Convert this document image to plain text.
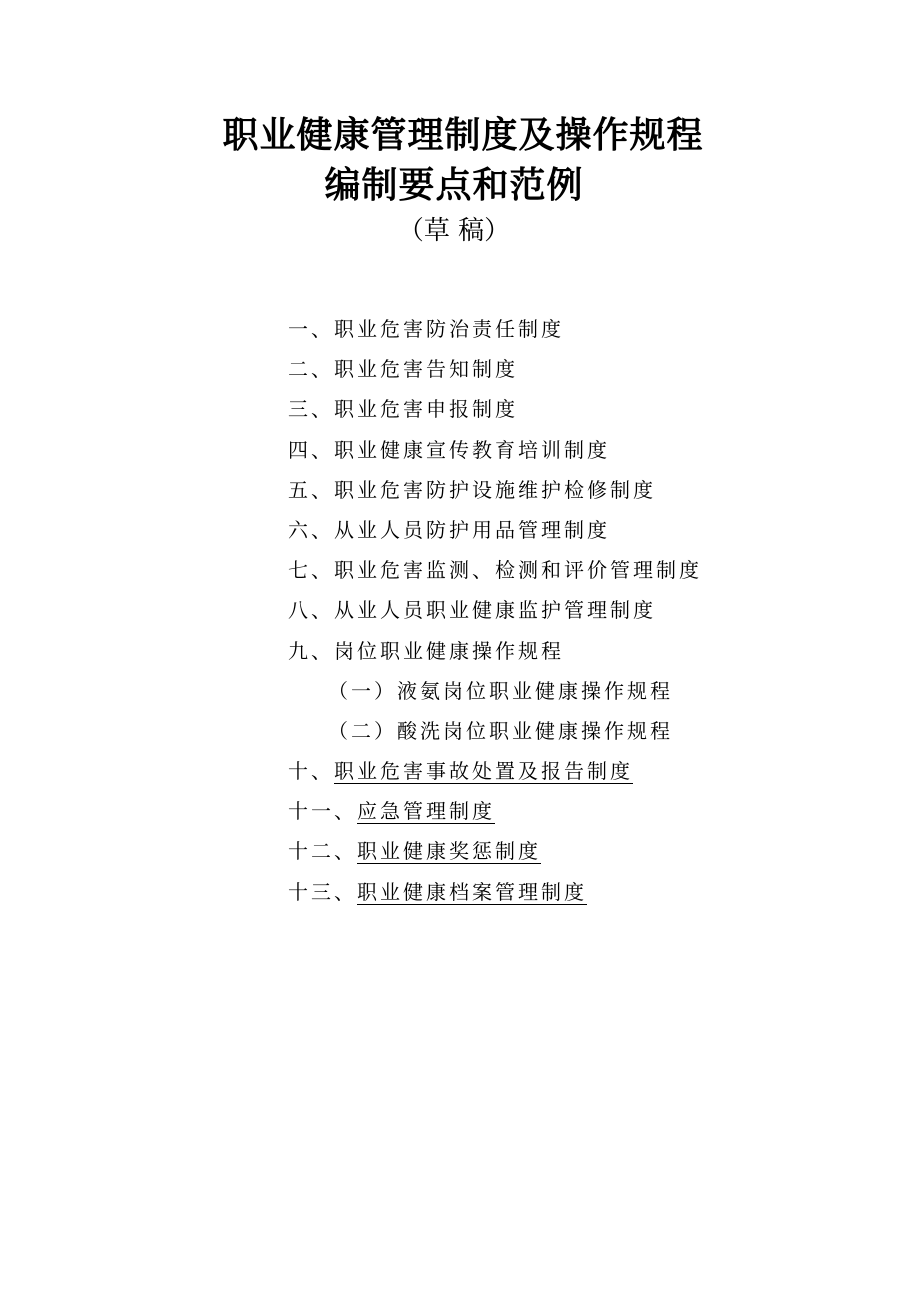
职业健康管理制度及操作规程
编制要点和范例
（草 稿）
一、职业危害防治责任制度
二、职业危害告知制度
三、职业危害申报制度
四、职业健康宣传教育培训制度
五、职业危害防护设施维护检修制度
六、从业人员防护用品管理制度
七、职业危害监测、检测和评价管理制度
八、从业人员职业健康监护管理制度
九、岗位职业健康操作规程
（一）液氨岗位职业健康操作规程
（二）酸洗岗位职业健康操作规程
十、职业危害事故处置及报告制度
十一、应急管理制度
十二、职业健康奖惩制度
十三、职业健康档案管理制度
